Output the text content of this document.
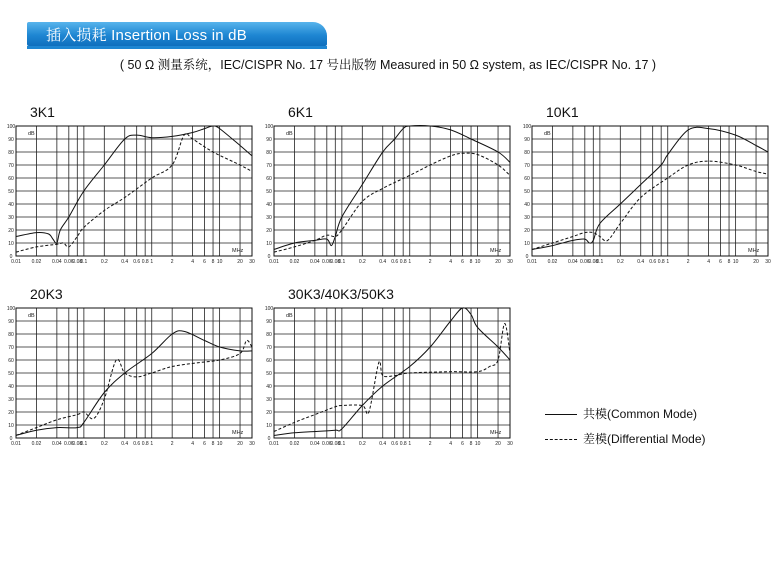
插入损耗 Insertion Loss in dB
( 50 Ω 测量系统，IEC/CISPR No. 17 号出版物 Measured in 50 Ω system, as IEC/CISPR No. 17 )
3K1	6K1	10K1
20K3	30K3/40K3/50K3
0.01 0.02 0.04 0.06
0.08
0.1	0.2	0.4 0.6 0.8 1	2	4 6 8 10	20 30
0
10
20
30
40
50
60
70
80
90
100
dB
MHz
0.01 0.02 0.04 0.06
0.08
0.1	0.2	0.4 0.6 0.8 1	2	4 6 8 10	20 30
0
10
20
30
40
50
60
70
80
90
100
dB
MHz
0.01 0.02 0.04 0.06
0.08
0.1	0.2	0.4 0.6 0.8 1	2	4 6 8 10	20 30
0
10
20
30
40
50
60
70
80
90
100
dB
MHz
0.01 0.02 0.04 0.06
0.08
0.1	0.2	0.4 0.6 0.8 1	2	4 6 8 10	20 30
0
10
20
30
40
50
60
70
80
90
100
dB
MHz
0.01 0.02 0.04 0.06
0.08
0.1	0.2	0.4 0.6 0.8 1	2	4 6 8 10	20 30
0
10
20
30
40
50
60
70
80
90
100
dB
MHz
共模(Common Mode)
差模(Differential Mode)
